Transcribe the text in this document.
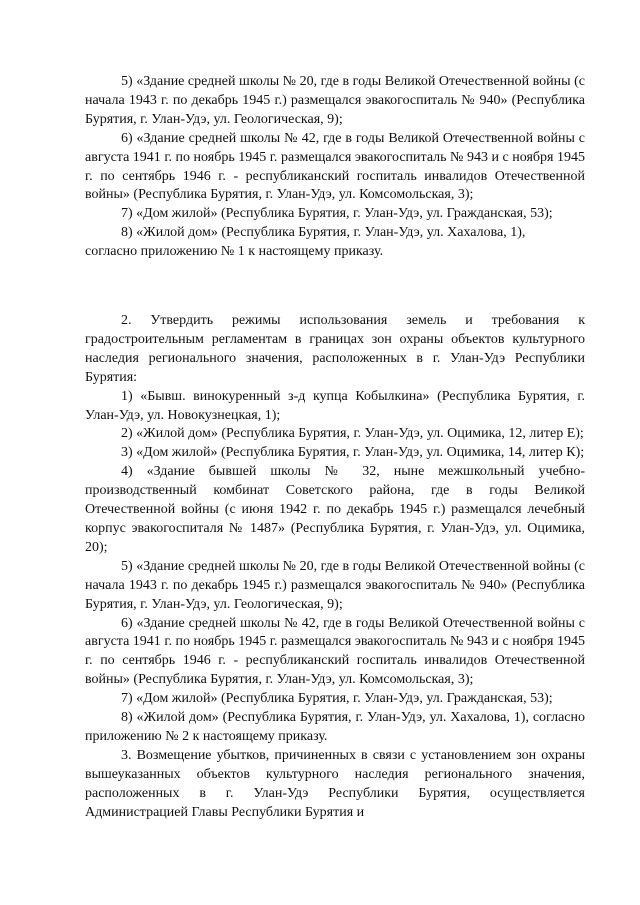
5) «Здание средней школы № 20, где в годы Великой Отечественной войны (с начала 1943 г. по декабрь 1945 г.) размещался эвакогоспиталь № 940» (Республика Бурятия, г. Улан-Удэ, ул. Геологическая, 9);

6) «Здание средней школы № 42, где в годы Великой Отечественной войны с августа 1941 г. по ноябрь 1945 г. размещался эвакогоспиталь № 943 и с ноября 1945 г. по сентябрь 1946 г. - республиканский госпиталь инвалидов Отечественной войны» (Республика Бурятия, г. Улан-Удэ, ул. Комсомольская, 3);

7) «Дом жилой» (Республика Бурятия, г. Улан-Удэ, ул. Гражданская, 53);

8) «Жилой дом» (Республика Бурятия, г. Улан-Удэ, ул. Хахалова, 1),

согласно приложению № 1 к настоящему приказу.

2. Утвердить режимы использования земель и требования к градостроительным регламентам в границах зон охраны объектов культурного наследия регионального значения, расположенных в г. Улан-Удэ Республики Бурятия:

1) «Бывш. винокуренный з-д купца Кобылкина» (Республика Бурятия, г. Улан-Удэ, ул. Новокузнецкая, 1);

2) «Жилой дом» (Республика Бурятия, г. Улан-Удэ, ул. Оцимика, 12, литер Е);

3) «Дом жилой» (Республика Бурятия, г. Улан-Удэ, ул. Оцимика, 14, литер К);

4) «Здание бывшей школы № 32, ныне межшкольный учебно-производственный комбинат Советского района, где в годы Великой Отечественной войны (с июня 1942 г. по декабрь 1945 г.) размещался лечебный корпус эвакогоспиталя № 1487» (Республика Бурятия, г. Улан-Удэ, ул. Оцимика, 20);

5) «Здание средней школы № 20, где в годы Великой Отечественной войны (с начала 1943 г. по декабрь 1945 г.) размещался эвакогоспиталь № 940» (Республика Бурятия, г. Улан-Удэ, ул. Геологическая, 9);

6) «Здание средней школы № 42, где в годы Великой Отечественной войны с августа 1941 г. по ноябрь 1945 г. размещался эвакогоспиталь № 943 и с ноября 1945 г. по сентябрь 1946 г. - республиканский госпиталь инвалидов Отечественной войны» (Республика Бурятия, г. Улан-Удэ, ул. Комсомольская, 3);

7) «Дом жилой» (Республика Бурятия, г. Улан-Удэ, ул. Гражданская, 53);

8) «Жилой дом» (Республика Бурятия, г. Улан-Удэ, ул. Хахалова, 1), согласно приложению № 2 к настоящему приказу.

3. Возмещение убытков, причиненных в связи с установлением зон охраны вышеуказанных объектов культурного наследия регионального значения, расположенных в г. Улан-Удэ Республики Бурятия, осуществляется Администрацией Главы Республики Бурятия и
